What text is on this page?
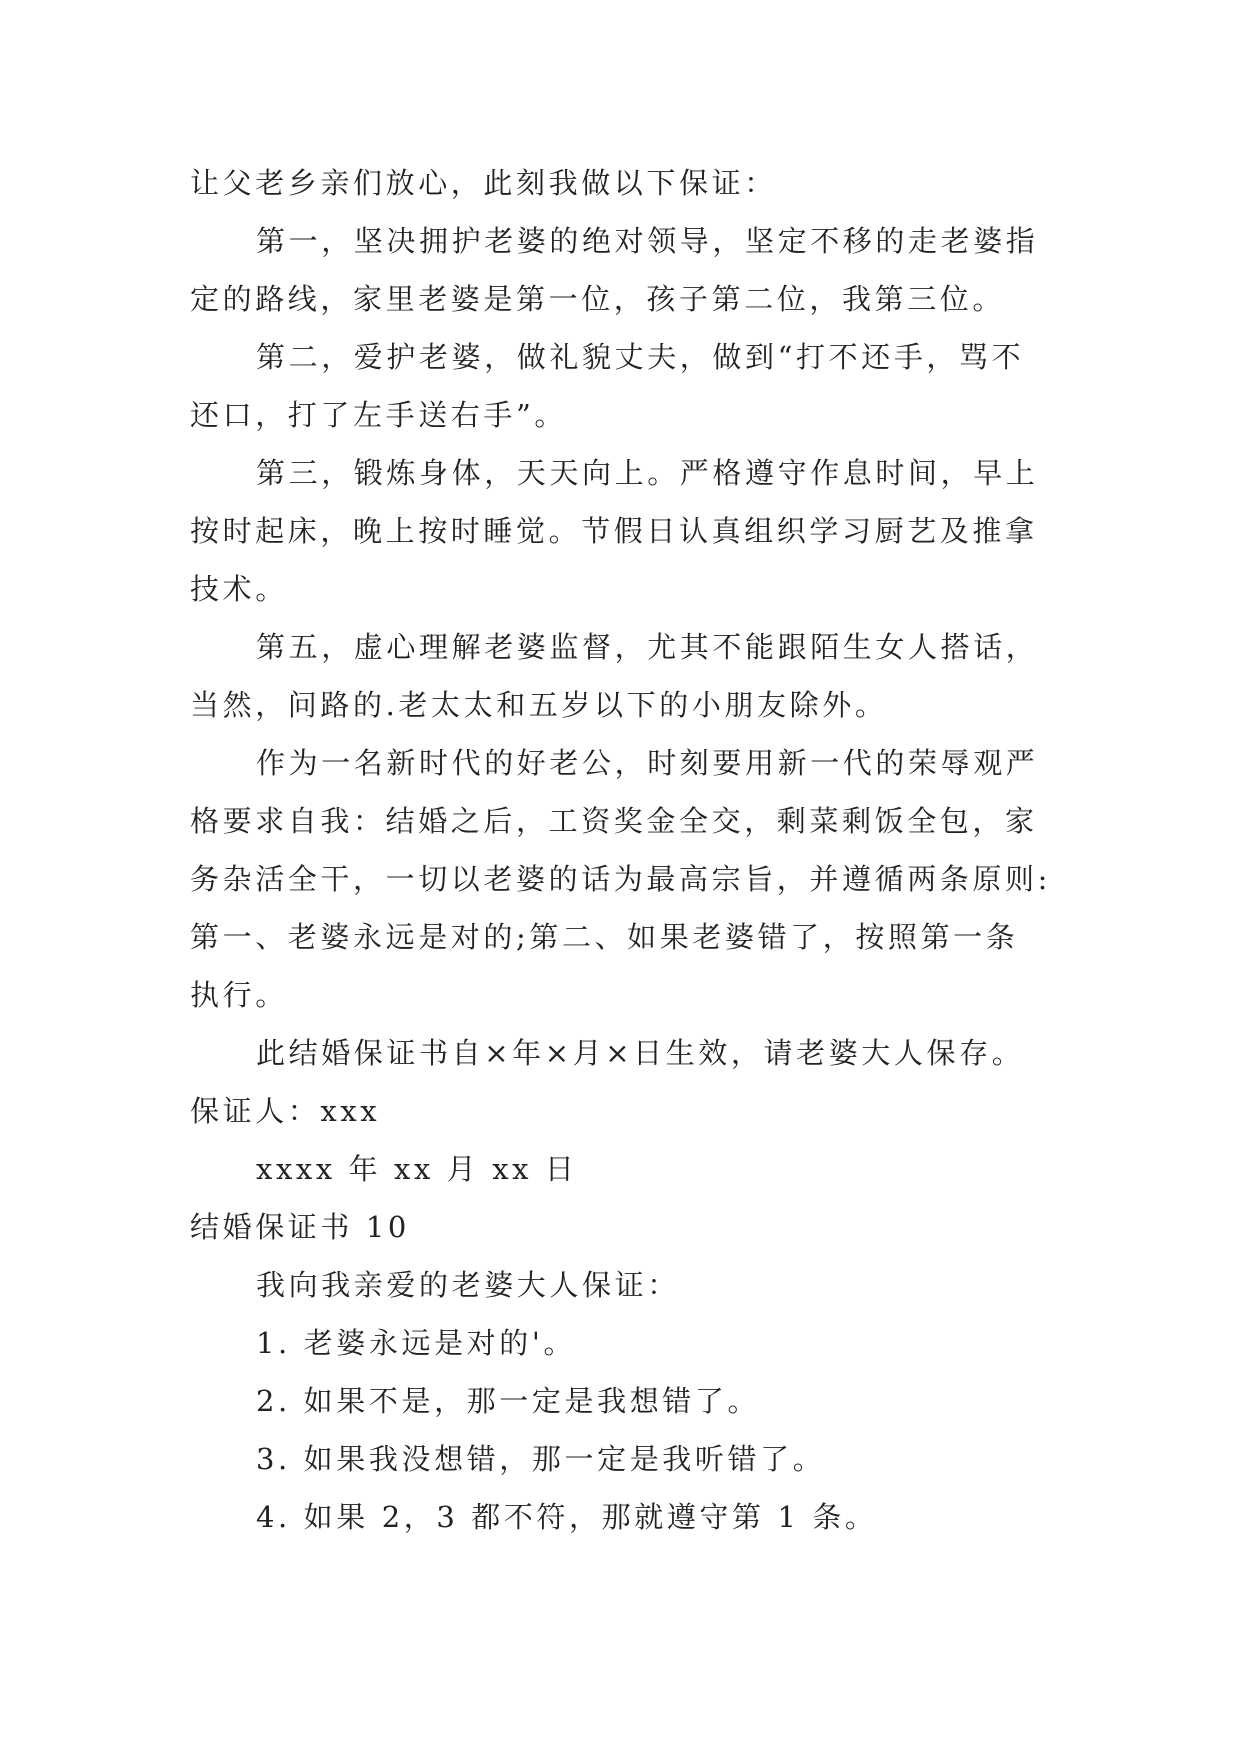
让父老乡亲们放心，此刻我做以下保证：
第一，坚决拥护老婆的绝对领导，坚定不移的走老婆指
定的路线，家里老婆是第一位，孩子第二位，我第三位。
第二，爱护老婆，做礼貌丈夫，做到“打不还手，骂不
还口，打了左手送右手”。
第三，锻炼身体，天天向上。严格遵守作息时间，早上
按时起床，晚上按时睡觉。节假日认真组织学习厨艺及推拿
技术。
第五，虚心理解老婆监督，尤其不能跟陌生女人搭话，
当然，问路的.老太太和五岁以下的小朋友除外。
作为一名新时代的好老公，时刻要用新一代的荣辱观严
格要求自我：结婚之后，工资奖金全交，剩菜剩饭全包，家
务杂活全干，一切以老婆的话为最高宗旨，并遵循两条原则:
第一、老婆永远是对的;第二、如果老婆错了，按照第一条
执行。
此结婚保证书自×年×月×日生效，请老婆大人保存。
保证人：xxx
xxxx 年 xx 月 xx 日
结婚保证书 10
我向我亲爱的老婆大人保证：
1. 老婆永远是对的'。
2. 如果不是，那一定是我想错了。
3. 如果我没想错，那一定是我听错了。
4. 如果 2，3 都不符，那就遵守第 1 条。
